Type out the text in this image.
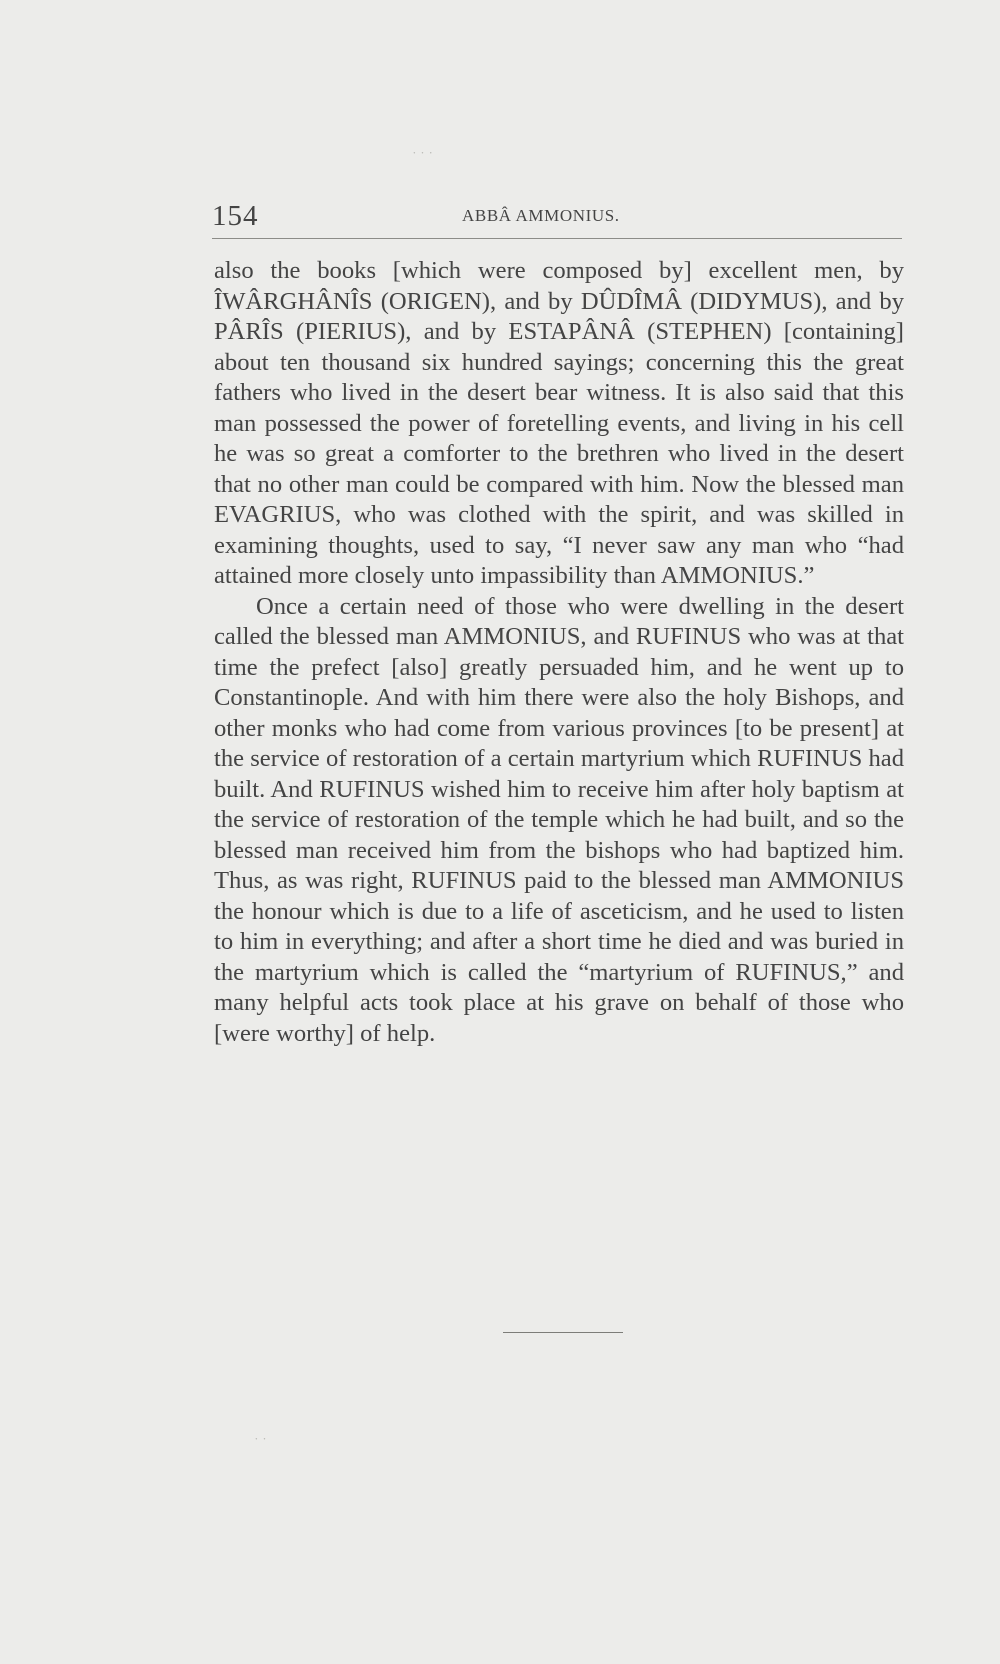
˙ ˙ ˙
˙ ˙
154	ABBÂ AMMONIUS.

also the books [which were composed by] excellent men, by ÎWÂRGHÂNÎS (ORIGEN), and by DÛDÎMÂ (DIDYMUS), and by PÂRÎS (PIERIUS), and by ESTAPÂNÂ (STEPHEN) [containing] about ten thousand six hundred sayings; concerning this the great fathers who lived in the desert bear witness. It is also said that this man possessed the power of foretelling events, and living in his cell he was so great a comforter to the brethren who lived in the desert that no other man could be compared with him. Now the blessed man EVAGRIUS, who was clothed with the spirit, and was skilled in examining thoughts, used to say, “I never saw any man who “had attained more closely unto impassibility than AMMONIUS.”

Once a certain need of those who were dwelling in the desert called the blessed man AMMONIUS, and RUFINUS who was at that time the prefect [also] greatly persuaded him, and he went up to Constantinople. And with him there were also the holy Bishops, and other monks who had come from various provinces [to be present] at the service of restoration of a certain martyrium which RUFINUS had built. And RUFINUS wished him to receive him after holy baptism at the service of restoration of the temple which he had built, and so the blessed man received him from the bishops who had baptized him. Thus, as was right, RUFINUS paid to the blessed man AMMONIUS the honour which is due to a life of asceticism, and he used to listen to him in everything; and after a short time he died and was buried in the martyrium which is called the “martyrium of RUFINUS,” and many helpful acts took place at his grave on behalf of those who [were worthy] of help.
